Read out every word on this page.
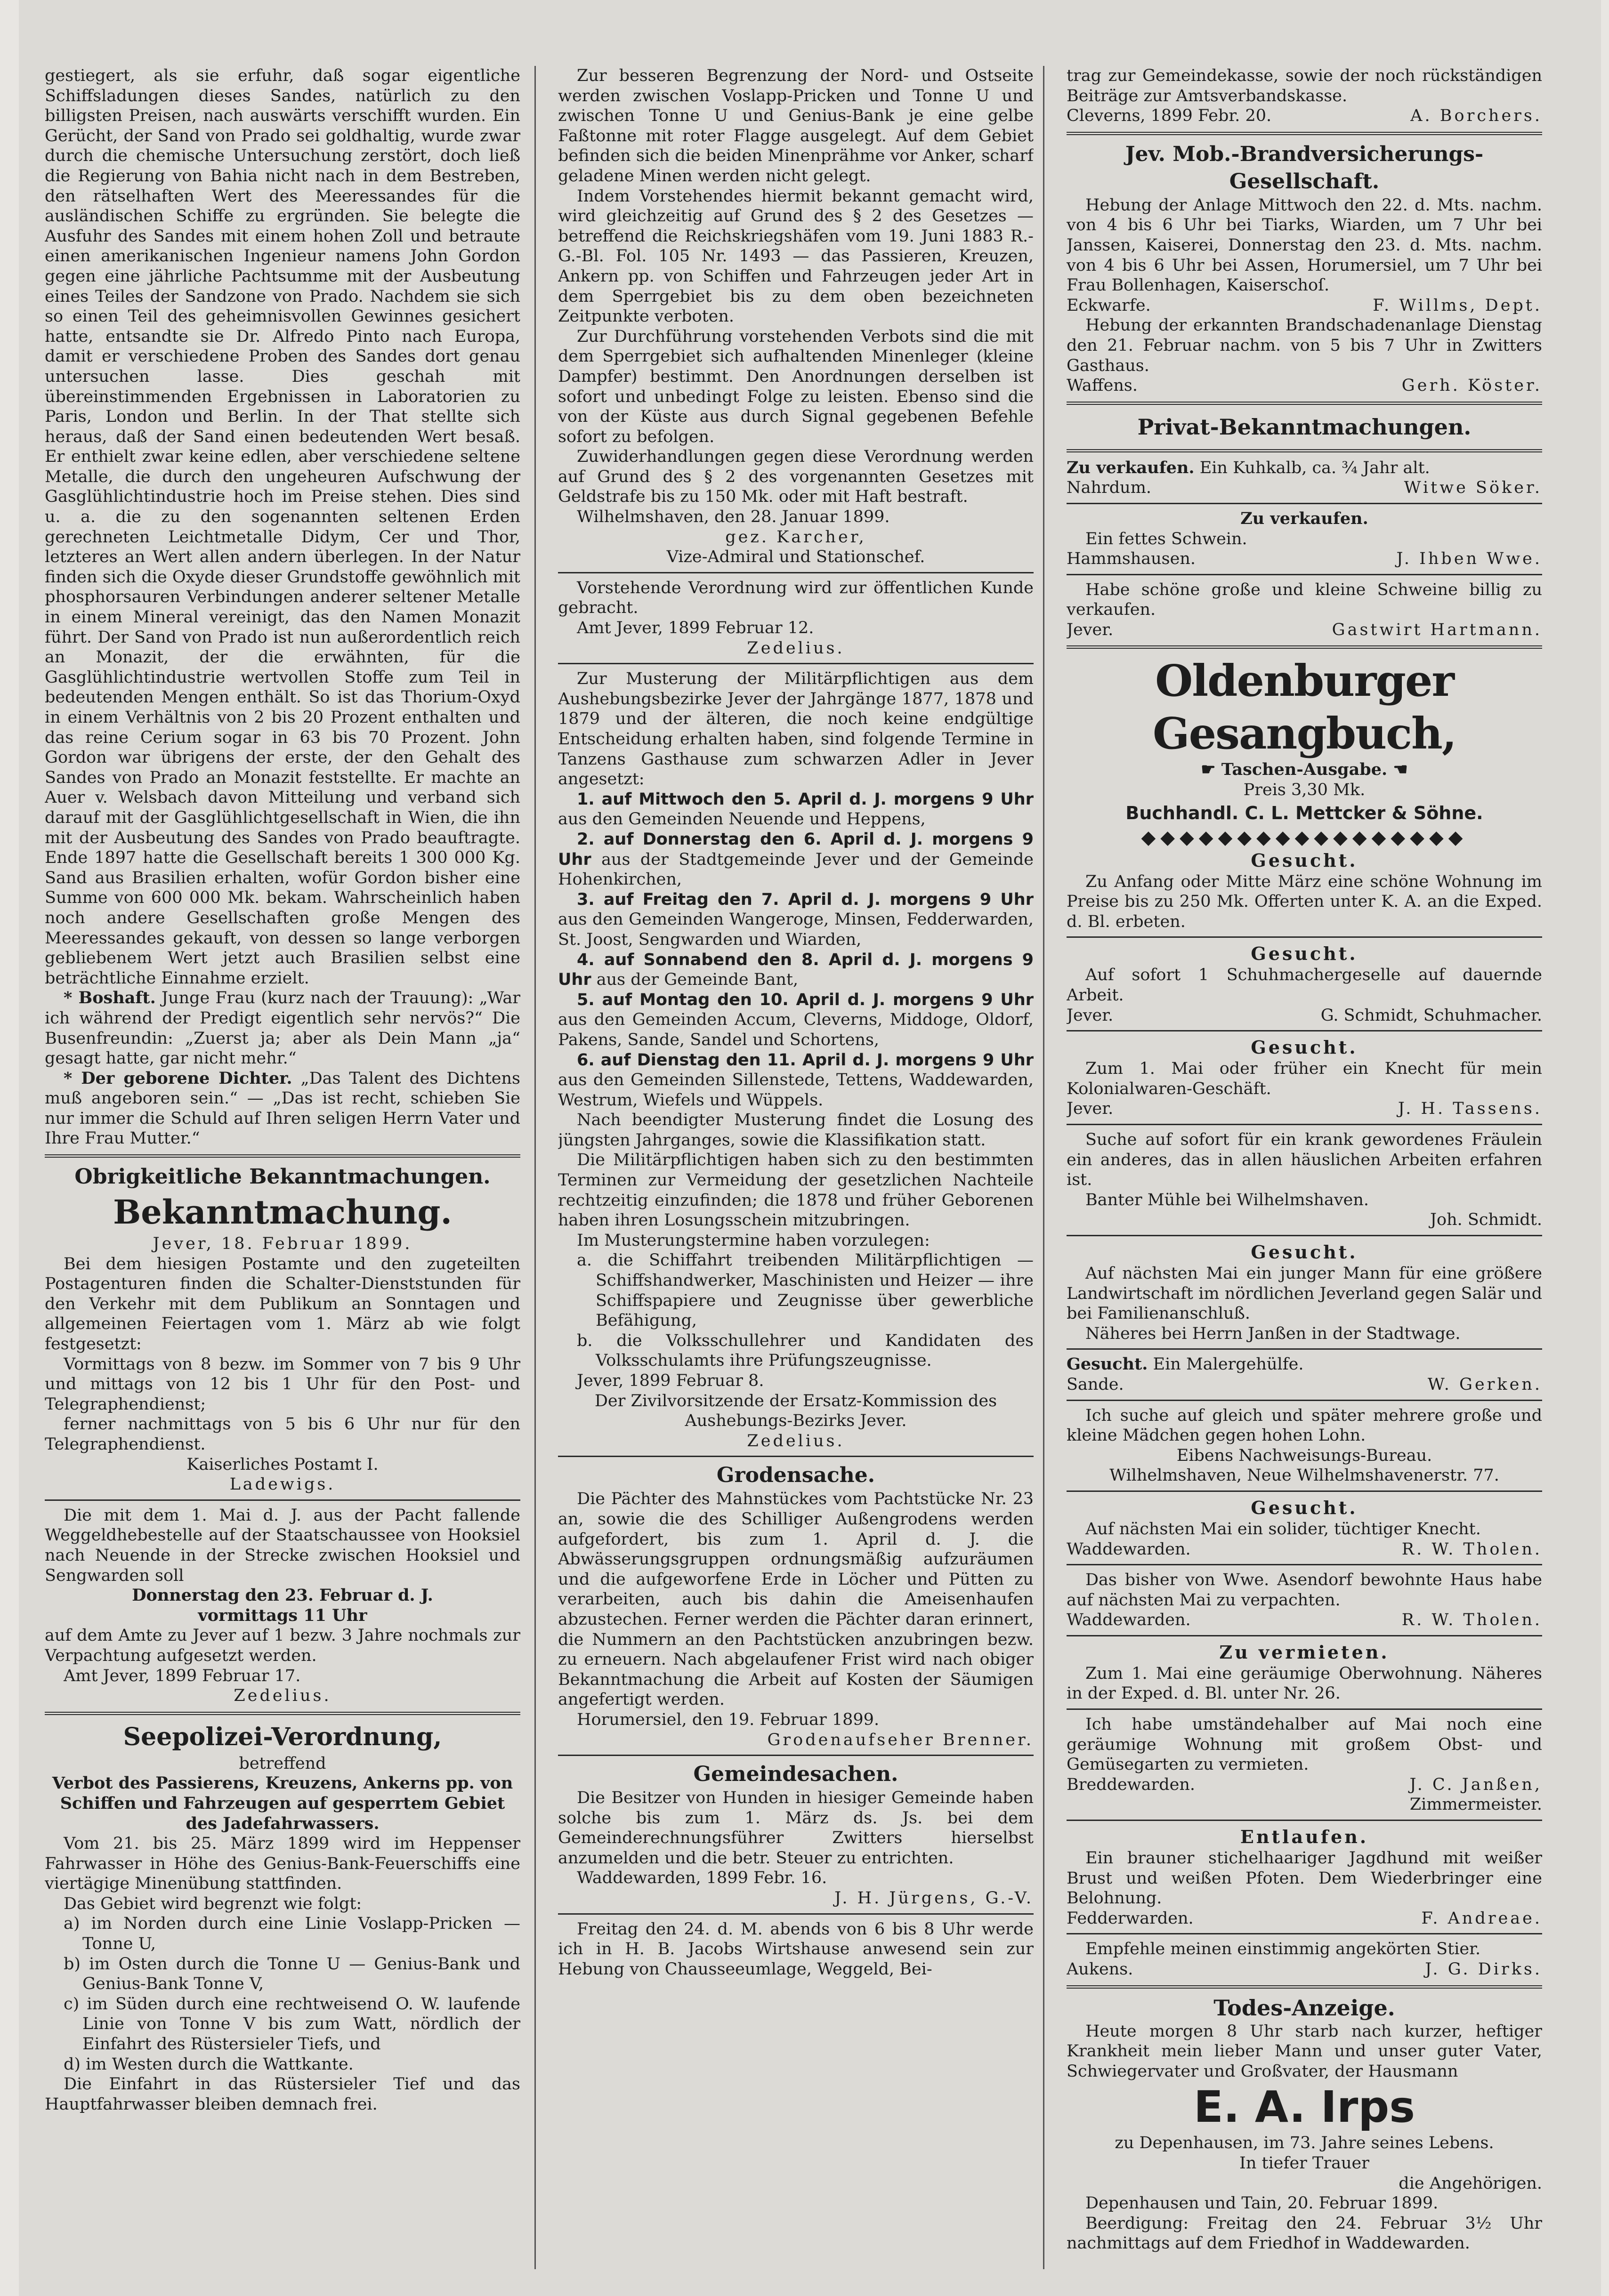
gestiegert, als sie erfuhr, daß sogar eigentliche Schiffsladungen dieses Sandes, natürlich zu den billigsten Preisen, nach auswärts verschifft wurden. Ein Gerücht, der Sand von Prado sei goldhaltig, wurde zwar durch die chemische Untersuchung zerstört, doch ließ die Regierung von Bahia nicht nach in dem Bestreben, den rätselhaften Wert des Meeressandes für die ausländischen Schiffe zu ergründen. Sie belegte die Ausfuhr des Sandes mit einem hohen Zoll und betraute einen amerikanischen Ingenieur namens John Gordon gegen eine jährliche Pachtsumme mit der Ausbeutung eines Teiles der Sandzone von Prado. Nachdem sie sich so einen Teil des geheimnisvollen Gewinnes gesichert hatte, entsandte sie Dr. Alfredo Pinto nach Europa, damit er verschiedene Proben des Sandes dort genau untersuchen lasse. Dies geschah mit übereinstimmenden Ergebnissen in Laboratorien zu Paris, London und Berlin. In der That stellte sich heraus, daß der Sand einen bedeutenden Wert besaß. Er enthielt zwar keine edlen, aber verschiedene seltene Metalle, die durch den ungeheuren Aufschwung der Gasglühlichtindustrie hoch im Preise stehen. Dies sind u. a. die zu den sogenannten seltenen Erden gerechneten Leichtmetalle Didym, Cer und Thor, letzteres an Wert allen andern überlegen. In der Natur finden sich die Oxyde dieser Grundstoffe gewöhnlich mit phosphorsauren Verbindungen anderer seltener Metalle in einem Mineral vereinigt, das den Namen Monazit führt. Der Sand von Prado ist nun außerordentlich reich an Monazit, der die erwähnten, für die Gasglühlichtindustrie wertvollen Stoffe zum Teil in bedeutenden Mengen enthält. So ist das Thorium-Oxyd in einem Verhältnis von 2 bis 20 Prozent enthalten und das reine Cerium sogar in 63 bis 70 Prozent. John Gordon war übrigens der erste, der den Gehalt des Sandes von Prado an Monazit feststellte. Er machte an Auer v. Welsbach davon Mitteilung und verband sich darauf mit der Gasglühlichtgesellschaft in Wien, die ihn mit der Ausbeutung des Sandes von Prado beauftragte. Ende 1897 hatte die Gesellschaft bereits 1 300 000 Kg. Sand aus Brasilien erhalten, wofür Gordon bisher eine Summe von 600 000 Mk. bekam. Wahrscheinlich haben noch andere Gesellschaften große Mengen des Meeressandes gekauft, von dessen so lange verborgen gebliebenem Wert jetzt auch Brasilien selbst eine beträchtliche Einnahme erzielt.

* Boshaft. Junge Frau (kurz nach der Trauung): „War ich während der Predigt eigentlich sehr nervös?“ Die Busenfreundin: „Zuerst ja; aber als Dein Mann „ja“ gesagt hatte, gar nicht mehr.“

* Der geborene Dichter. „Das Talent des Dichtens muß angeboren sein.“ — „Das ist recht, schieben Sie nur immer die Schuld auf Ihren seligen Herrn Vater und Ihre Frau Mutter.“

Obrigkeitliche Bekanntmachungen.

Bekanntmachung.

Jever, 18. Februar 1899.

Bei dem hiesigen Postamte und den zugeteilten Postagenturen finden die Schalter-Dienststunden für den Verkehr mit dem Publikum an Sonntagen und allgemeinen Feiertagen vom 1. März ab wie folgt festgesetzt:

Vormittags von 8 bezw. im Sommer von 7 bis 9 Uhr und mittags von 12 bis 1 Uhr für den Post- und Telegraphendienst;

ferner nachmittags von 5 bis 6 Uhr nur für den Telegraphendienst.

Kaiserliches Postamt I.

Ladewigs.

Die mit dem 1. Mai d. J. aus der Pacht fallende Weggeldhebestelle auf der Staatschaussee von Hooksiel nach Neuende in der Strecke zwischen Hooksiel und Sengwarden soll

Donnerstag den 23. Februar d. J.

vormittags 11 Uhr

auf dem Amte zu Jever auf 1 bezw. 3 Jahre nochmals zur Verpachtung aufgesetzt werden.

Amt Jever, 1899 Februar 17.

Zedelius.

Seepolizei-Verordnung,

betreffend

Verbot des Passierens, Kreuzens, Ankerns pp. von Schiffen und Fahrzeugen auf gesperrtem Gebiet des Jadefahrwassers.

Vom 21. bis 25. März 1899 wird im Heppenser Fahrwasser in Höhe des Genius-Bank-Feuerschiffs eine viertägige Minenübung stattfinden.

Das Gebiet wird begrenzt wie folgt:

a) im Norden durch eine Linie Voslapp-Pricken — Tonne U,

b) im Osten durch die Tonne U — Genius-Bank und Genius-Bank Tonne V,

c) im Süden durch eine rechtweisend O. W. laufende Linie von Tonne V bis zum Watt, nördlich der Einfahrt des Rüstersieler Tiefs, und

d) im Westen durch die Wattkante.

Die Einfahrt in das Rüstersieler Tief und das Hauptfahrwasser bleiben demnach frei.

Zur besseren Begrenzung der Nord- und Ostseite werden zwischen Voslapp-Pricken und Tonne U und zwischen Tonne U und Genius-Bank je eine gelbe Faßtonne mit roter Flagge ausgelegt. Auf dem Gebiet befinden sich die beiden Minenprähme vor Anker, scharf geladene Minen werden nicht gelegt.

Indem Vorstehendes hiermit bekannt gemacht wird, wird gleichzeitig auf Grund des § 2 des Gesetzes — betreffend die Reichskriegshäfen vom 19. Juni 1883 R.-G.-Bl. Fol. 105 Nr. 1493 — das Passieren, Kreuzen, Ankern pp. von Schiffen und Fahrzeugen jeder Art in dem Sperrgebiet bis zu dem oben bezeichneten Zeitpunkte verboten.

Zur Durchführung vorstehenden Verbots sind die mit dem Sperrgebiet sich aufhaltenden Minenleger (kleine Dampfer) bestimmt. Den Anordnungen derselben ist sofort und unbedingt Folge zu leisten. Ebenso sind die von der Küste aus durch Signal gegebenen Befehle sofort zu befolgen.

Zuwiderhandlungen gegen diese Verordnung werden auf Grund des § 2 des vorgenannten Gesetzes mit Geldstrafe bis zu 150 Mk. oder mit Haft bestraft.

Wilhelmshaven, den 28. Januar 1899.

gez. Karcher,

Vize-Admiral und Stationschef.

Vorstehende Verordnung wird zur öffentlichen Kunde gebracht.

Amt Jever, 1899 Februar 12.

Zedelius.

Zur Musterung der Militärpflichtigen aus dem Aushebungsbezirke Jever der Jahrgänge 1877, 1878 und 1879 und der älteren, die noch keine endgültige Entscheidung erhalten haben, sind folgende Termine in Tanzens Gasthause zum schwarzen Adler in Jever angesetzt:

1. auf Mittwoch den 5. April d. J. morgens 9 Uhr aus den Gemeinden Neuende und Heppens,

2. auf Donnerstag den 6. April d. J. morgens 9 Uhr aus der Stadtgemeinde Jever und der Gemeinde Hohenkirchen,

3. auf Freitag den 7. April d. J. morgens 9 Uhr aus den Gemeinden Wangeroge, Minsen, Fedderwarden, St. Joost, Sengwarden und Wiarden,

4. auf Sonnabend den 8. April d. J. morgens 9 Uhr aus der Gemeinde Bant,

5. auf Montag den 10. April d. J. morgens 9 Uhr aus den Gemeinden Accum, Cleverns, Middoge, Oldorf, Pakens, Sande, Sandel und Schortens,

6. auf Dienstag den 11. April d. J. morgens 9 Uhr aus den Gemeinden Sillenstede, Tettens, Waddewarden, Westrum, Wiefels und Wüppels.

Nach beendigter Musterung findet die Losung des jüngsten Jahrganges, sowie die Klassifikation statt.

Die Militärpflichtigen haben sich zu den bestimmten Terminen zur Vermeidung der gesetzlichen Nachteile rechtzeitig einzufinden; die 1878 und früher Geborenen haben ihren Losungsschein mitzubringen.

Im Musterungstermine haben vorzulegen:

a. die Schiffahrt treibenden Militärpflichtigen — Schiffshandwerker, Maschinisten und Heizer — ihre Schiffspapiere und Zeugnisse über gewerbliche Befähigung,

b. die Volksschullehrer und Kandidaten des Volksschulamts ihre Prüfungszeugnisse.

Jever, 1899 Februar 8.

Der Zivilvorsitzende der Ersatz-Kommission des Aushebungs-Bezirks Jever.

Zedelius.

Grodensache.

Die Pächter des Mahnstückes vom Pachtstücke Nr. 23 an, sowie die des Schilliger Außengrodens werden aufgefordert, bis zum 1. April d. J. die Abwässerungsgruppen ordnungsmäßig aufzuräumen und die aufgeworfene Erde in Löcher und Pütten zu verarbeiten, auch bis dahin die Ameisenhaufen abzustechen. Ferner werden die Pächter daran erinnert, die Nummern an den Pachtstücken anzubringen bezw. zu erneuern. Nach abgelaufener Frist wird nach obiger Bekanntmachung die Arbeit auf Kosten der Säumigen angefertigt werden.

Horumersiel, den 19. Februar 1899.

Grodenaufseher Brenner.

Gemeindesachen.

Die Besitzer von Hunden in hiesiger Gemeinde haben solche bis zum 1. März ds. Js. bei dem Gemeinderechnungsführer Zwitters hierselbst anzumelden und die betr. Steuer zu entrichten.

Waddewarden, 1899 Febr. 16.

J. H. Jürgens, G.-V.

Freitag den 24. d. M. abends von 6 bis 8 Uhr werde ich in H. B. Jacobs Wirtshause anwesend sein zur Hebung von Chausseeumlage, Weggeld, Bei-

trag zur Gemeindekasse, sowie der noch rückständigen Beiträge zur Amtsverbandskasse.

Cleverns, 1899 Febr. 20.	A. Borchers.

Jev. Mob.-Brandversicherungs-Gesellschaft.

Hebung der Anlage Mittwoch den 22. d. Mts. nachm. von 4 bis 6 Uhr bei Tiarks, Wiarden, um 7 Uhr bei Janssen, Kaiserei, Donnerstag den 23. d. Mts. nachm. von 4 bis 6 Uhr bei Assen, Horumersiel, um 7 Uhr bei Frau Bollenhagen, Kaiserschoſ.

Eckwarfe.	F. Willms, Dept.

Hebung der erkannten Brandschadenanlage Dienstag den 21. Februar nachm. von 5 bis 7 Uhr in Zwitters Gasthaus.

Waffens.	Gerh. Köster.

Privat-Bekanntmachungen.

Zu verkaufen. Ein Kuhkalb, ca. ¾ Jahr alt.

Nahrdum.	Witwe Söker.

Zu verkaufen.

Ein fettes Schwein.

Hammshausen.	J. Ihben Wwe.

Habe schöne große und kleine Schweine billig zu verkaufen.

Jever.	Gastwirt Hartmann.

Oldenburger Gesangbuch,

☛ Taschen-Ausgabe. ☚

Preis 3,30 Mk.

Buchhandl. C. L. Mettcker & Söhne.

◆◆◆◆◆◆◆◆◆◆◆◆◆◆◆◆◆

Gesucht.

Zu Anfang oder Mitte März eine schöne Wohnung im Preise bis zu 250 Mk. Offerten unter K. A. an die Exped. d. Bl. erbeten.

Gesucht.

Auf sofort 1 Schuhmachergeselle auf dauernde Arbeit.

Jever.	G. Schmidt, Schuhmacher.

Gesucht.

Zum 1. Mai oder früher ein Knecht für mein Kolonialwaren-Geschäft.

Jever.	J. H. Tassens.

Suche auf sofort für ein krank gewordenes Fräulein ein anderes, das in allen häuslichen Arbeiten erfahren ist.

Banter Mühle bei Wilhelmshaven.

Joh. Schmidt.

Gesucht.

Auf nächsten Mai ein junger Mann für eine größere Landwirtschaft im nördlichen Jeverland gegen Salär und bei Familienanschluß.

Näheres bei Herrn Janßen in der Stadtwage.

Gesucht. Ein Malergehülfe.

Sande.	W. Gerken.

Ich suche auf gleich und später mehrere große und kleine Mädchen gegen hohen Lohn.

Eibens Nachweisungs-Bureau.

Wilhelmshaven, Neue Wilhelmshavenerstr. 77.

Gesucht.

Auf nächsten Mai ein solider, tüchtiger Knecht.

Waddewarden.	R. W. Tholen.

Das bisher von Wwe. Asendorf bewohnte Haus habe auf nächsten Mai zu verpachten.

Waddewarden.	R. W. Tholen.

Zu vermieten.

Zum 1. Mai eine geräumige Oberwohnung. Näheres in der Exped. d. Bl. unter Nr. 26.

Ich habe umständehalber auf Mai noch eine geräumige Wohnung mit großem Obst- und Gemüsegarten zu vermieten.

Breddewarden.	J. C. Janßen,

Zimmermeister.

Entlaufen.

Ein brauner stichelhaariger Jagdhund mit weißer Brust und weißen Pfoten. Dem Wiederbringer eine Belohnung.

Fedderwarden.	F. Andreae.

Empfehle meinen einstimmig angekörten Stier.

Aukens.	J. G. Dirks.

Todes-Anzeige.

Heute morgen 8 Uhr starb nach kurzer, heftiger Krankheit mein lieber Mann und unser guter Vater, Schwiegervater und Großvater, der Hausmann

E. A. Irps

zu Depenhausen, im 73. Jahre seines Lebens.

In tiefer Trauer

die Angehörigen.

Depenhausen und Tain, 20. Februar 1899.

Beerdigung: Freitag den 24. Februar 3½ Uhr nachmittags auf dem Friedhof in Waddewarden.
